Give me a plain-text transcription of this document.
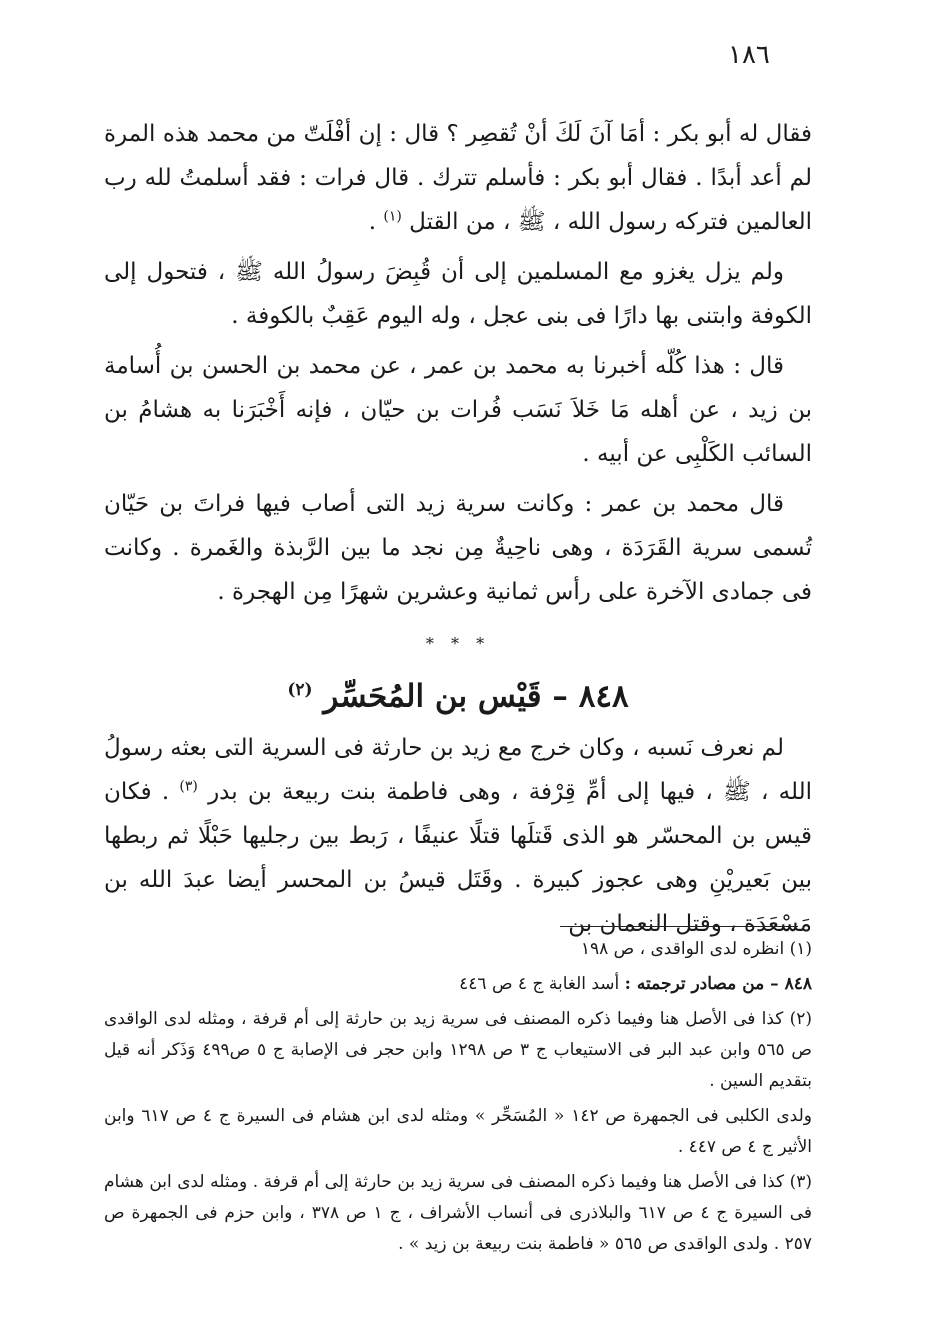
١٨٦

فقال له أبو بكر : أمَا آنَ لَكَ أنْ تُقصِر ؟ قال : إن أفْلَتّ من محمد هذه المرة لم أعد أبدًا . فقال أبو بكر : فأسلم تترك . قال فرات : فقد أسلمتُ لله رب العالمين فتركه رسول الله ، ﷺ ، من القتل $^{(١)}$ .

ولم يزل يغزو مع المسلمين إلى أن قُبِضَ رسولُ الله ﷺ ، فتحول إلى الكوفة وابتنى بها دارًا فى بنى عجل ، وله اليوم عَقِبٌ بالكوفة .

قال : هذا كُلّه أخبرنا به محمد بن عمر ، عن محمد بن الحسن بن أُسامة بن زيد ، عن أهله مَا خَلاَ نَسَب فُرات بن حيّان ، فإنه أَخْبَرَنا به هشامُ بن السائب الكَلْبِى عن أبيه .

قال محمد بن عمر : وكانت سرية زيد التى أصاب فيها فراتَ بن حَيّان تُسمى سرية القَرَدَة ، وهى ناحِيةٌ مِن نجد ما بين الرَّبذة والغَمرة . وكانت فى جمادى الآخرة على رأس ثمانية وعشرين شهرًا مِن الهجرة .

* * *
٨٤٨ – قَيْس بن المُحَسِّر $^{(٢)}$

لم نعرف نَسبه ، وكان خرج مع زيد بن حارثة فى السرية التى بعثه رسولُ الله ، ﷺ ، فيها إلى أمِّ قِرْفة ، وهى فاطمة بنت ربيعة بن بدر $^{(٣)}$ . فكان قيس بن المحسّر هو الذى قَتلَها قتلًا عنيفًا ، رَبط بين رجليها حَبْلًا ثم ربطها بين بَعيريْنِ وهى عجوز كبيرة . وقَتَل قيسُ بن المحسر أيضا عبدَ الله بن مَسْعَدَة ، وقتل النعمان بن

(١) انظره لدى الواقدى ، ص ١٩٨

٨٤٨ – من مصادر ترجمته : أسد الغابة ج ٤ ص ٤٤٦

(٢) كذا فى الأصل هنا وفيما ذكره المصنف فى سرية زيد بن حارثة إلى أم قرفة ، ومثله لدى الواقدى ص ٥٦٥ وابن عبد البر فى الاستيعاب ج ٣ ص ١٢٩٨ وابن حجر فى الإصابة ج ٥ ص٤٩٩ وَذَكر أنه قيل بتقديم السين .

ولدى الكلبى فى الجمهرة ص ١٤٢ « المُسَحِّر » ومثله لدى ابن هشام فى السيرة ج ٤ ص ٦١٧ وابن الأثير ج ٤ ص ٤٤٧ .

(٣) كذا فى الأصل هنا وفيما ذكره المصنف فى سرية زيد بن حارثة إلى أم قرفة . ومثله لدى ابن هشام فى السيرة ج ٤ ص ٦١٧ والبلاذرى فى أنساب الأشراف ، ج ١ ص ٣٧٨ ، وابن حزم فى الجمهرة ص ٢٥٧ . ولدى الواقدى ص ٥٦٥ « فاطمة بنت ربيعة بن زيد » .
